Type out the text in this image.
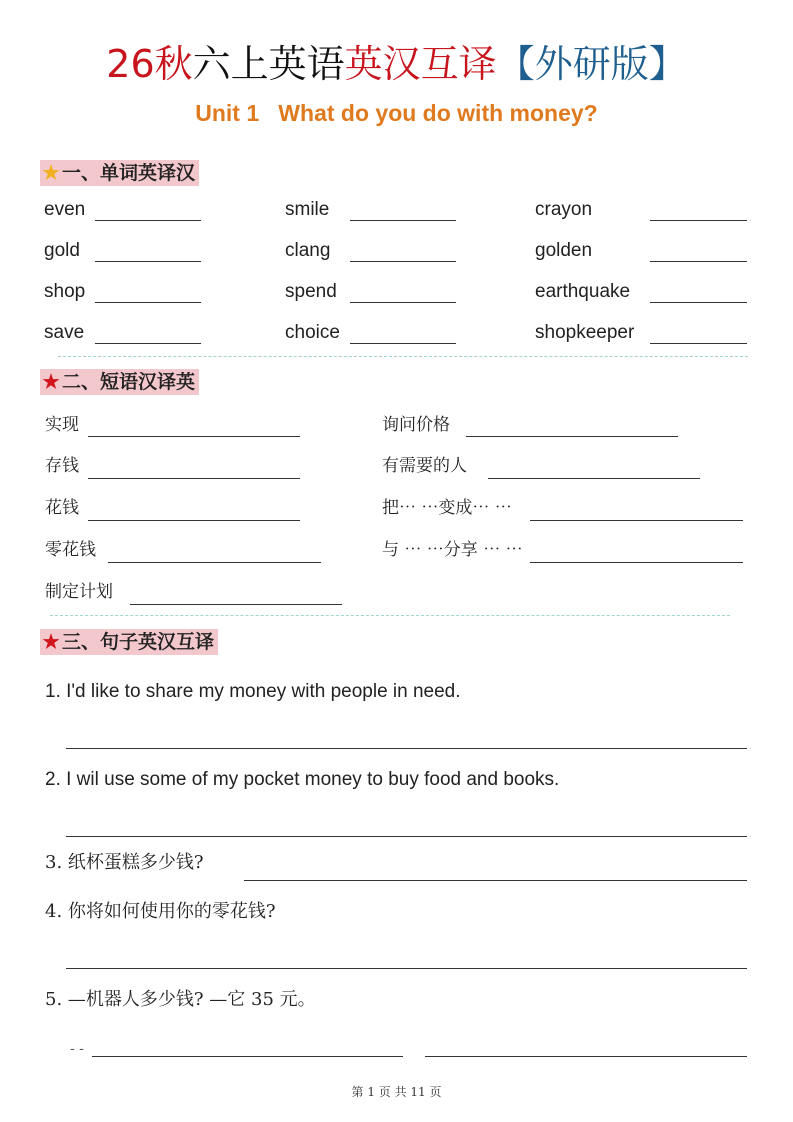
26秋六上英语英汉互译【外研版】
Unit 1   What do you do with money?
★ 一、单词英译汉
even	smile	crayon
gold	clang	golden
shop	spend	earthquake
save	choice	shopkeeper
★ 二、短语汉译英
实现	询问价格
存钱	有需要的人
花钱	把⋯ ⋯变成⋯ ⋯
零花钱	与 ⋯ ⋯分享 ⋯ ⋯
制定计划
★ 三、句子英汉互译
1. I'd like to share my money with people in need.
2. I wil use some of my pocket money to buy food and books.
3. 纸杯蛋糕多少钱?
4. 你将如何使用你的零花钱?
5. —机器人多少钱? —它 35 元。
- -
第 1 页 共 11 页
